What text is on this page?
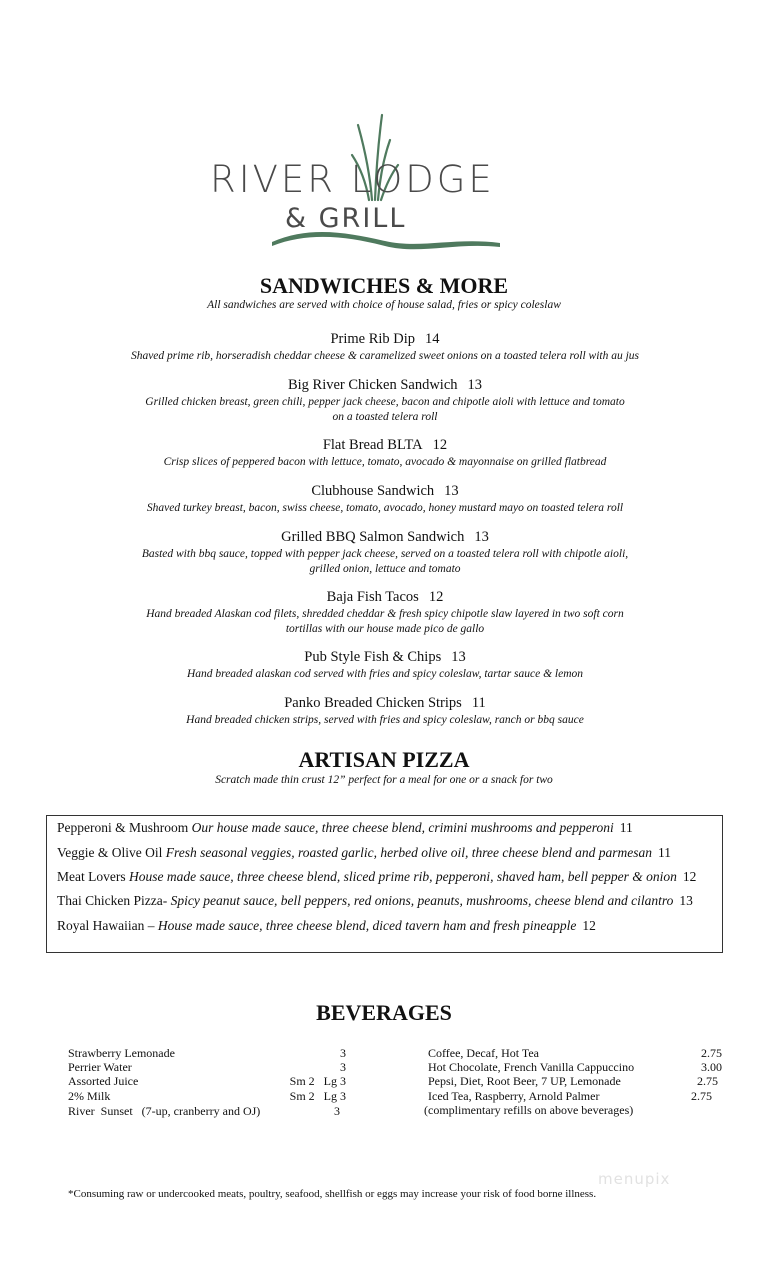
RIVER LODGE
& GRILL
SANDWICHES & MORE
All sandwiches are served with choice of house salad, fries or spicy coleslaw
Prime Rib Dip 14
Shaved prime rib, horseradish cheddar cheese & caramelized sweet onions on a toasted telera roll with au jus
Big River Chicken Sandwich 13
Grilled chicken breast, green chili, pepper jack cheese, bacon and chipotle aioli with lettuce and tomato
on a toasted telera roll
Flat Bread BLTA 12
Crisp slices of peppered bacon with lettuce, tomato, avocado & mayonnaise on grilled flatbread
Clubhouse Sandwich 13
Shaved turkey breast, bacon, swiss cheese, tomato, avocado, honey mustard mayo on toasted telera roll
Grilled BBQ Salmon Sandwich 13
Basted with bbq sauce, topped with pepper jack cheese, served on a toasted telera roll with chipotle aioli,
grilled onion, lettuce and tomato
Baja Fish Tacos 12
Hand breaded Alaskan cod filets, shredded cheddar & fresh spicy chipotle slaw layered in two soft corn
tortillas with our house made pico de gallo
Pub Style Fish & Chips 13
Hand breaded alaskan cod served with fries and spicy coleslaw, tartar sauce & lemon
Panko Breaded Chicken Strips 11
Hand breaded chicken strips, served with fries and spicy coleslaw, ranch or bbq sauce
ARTISAN PIZZA
Scratch made thin crust 12” perfect for a meal for one or a snack for two
Pepperoni & Mushroom Our house made sauce, three cheese blend, crimini mushrooms and pepperoni 11
Veggie & Olive Oil Fresh seasonal veggies, roasted garlic, herbed olive oil, three cheese blend and parmesan 11
Meat Lovers House made sauce, three cheese blend, sliced prime rib, pepperoni, shaved ham, bell pepper & onion 12
Thai Chicken Pizza- Spicy peanut sauce, bell peppers, red onions, peanuts, mushrooms, cheese blend and cilantro 13
Royal Hawaiian – House made sauce, three cheese blend, diced tavern ham and fresh pineapple 12
BEVERAGES
Strawberry Lemonade	3
Perrier Water	3
Assorted Juice	Sm 2   Lg 3
2% Milk	Sm 2   Lg 3
River  Sunset   (7-up, cranberry and OJ)	3
Coffee, Decaf, Hot Tea	2.75
Hot Chocolate, French Vanilla Cappuccino	3.00
Pepsi, Diet, Root Beer, 7 UP, Lemonade	2.75
Iced Tea, Raspberry, Arnold Palmer	2.75
(complimentary refills on above beverages)
menupix
*Consuming raw or undercooked meats, poultry, seafood, shellfish or eggs may increase your risk of food borne illness.
